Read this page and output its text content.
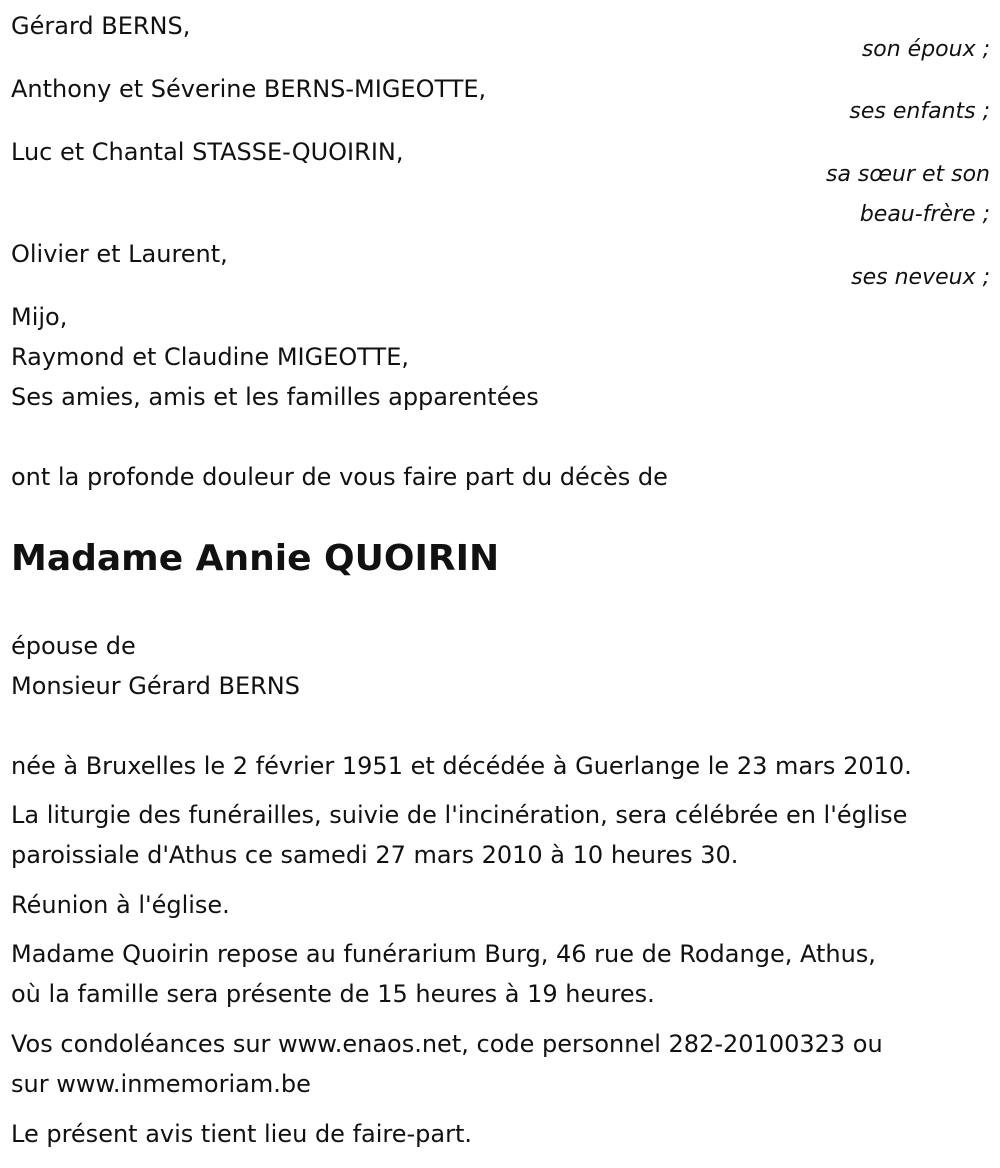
Gérard BERNS,
son époux ;
Anthony et Séverine BERNS-MIGEOTTE,
ses enfants ;
Luc et Chantal STASSE-QUOIRIN,
sa sœur et son
beau-frère ;
Olivier et Laurent,
ses neveux ;
Mijo,
Raymond et Claudine MIGEOTTE,
Ses amies, amis et les familles apparentées
ont la profonde douleur de vous faire part du décès de
Madame Annie QUOIRIN
épouse de
Monsieur Gérard BERNS
née à Bruxelles le 2 février 1951 et décédée à Guerlange le 23 mars 2010.
La liturgie des funérailles, suivie de l'incinération, sera célébrée en l'église
paroissiale d'Athus ce samedi 27 mars 2010 à 10 heures 30.
Réunion à l'église.
Madame Quoirin repose au funérarium Burg, 46 rue de Rodange, Athus,
où la famille sera présente de 15 heures à 19 heures.
Vos condoléances sur www.enaos.net, code personnel 282-20100323 ou
sur www.inmemoriam.be
Le présent avis tient lieu de faire-part.
